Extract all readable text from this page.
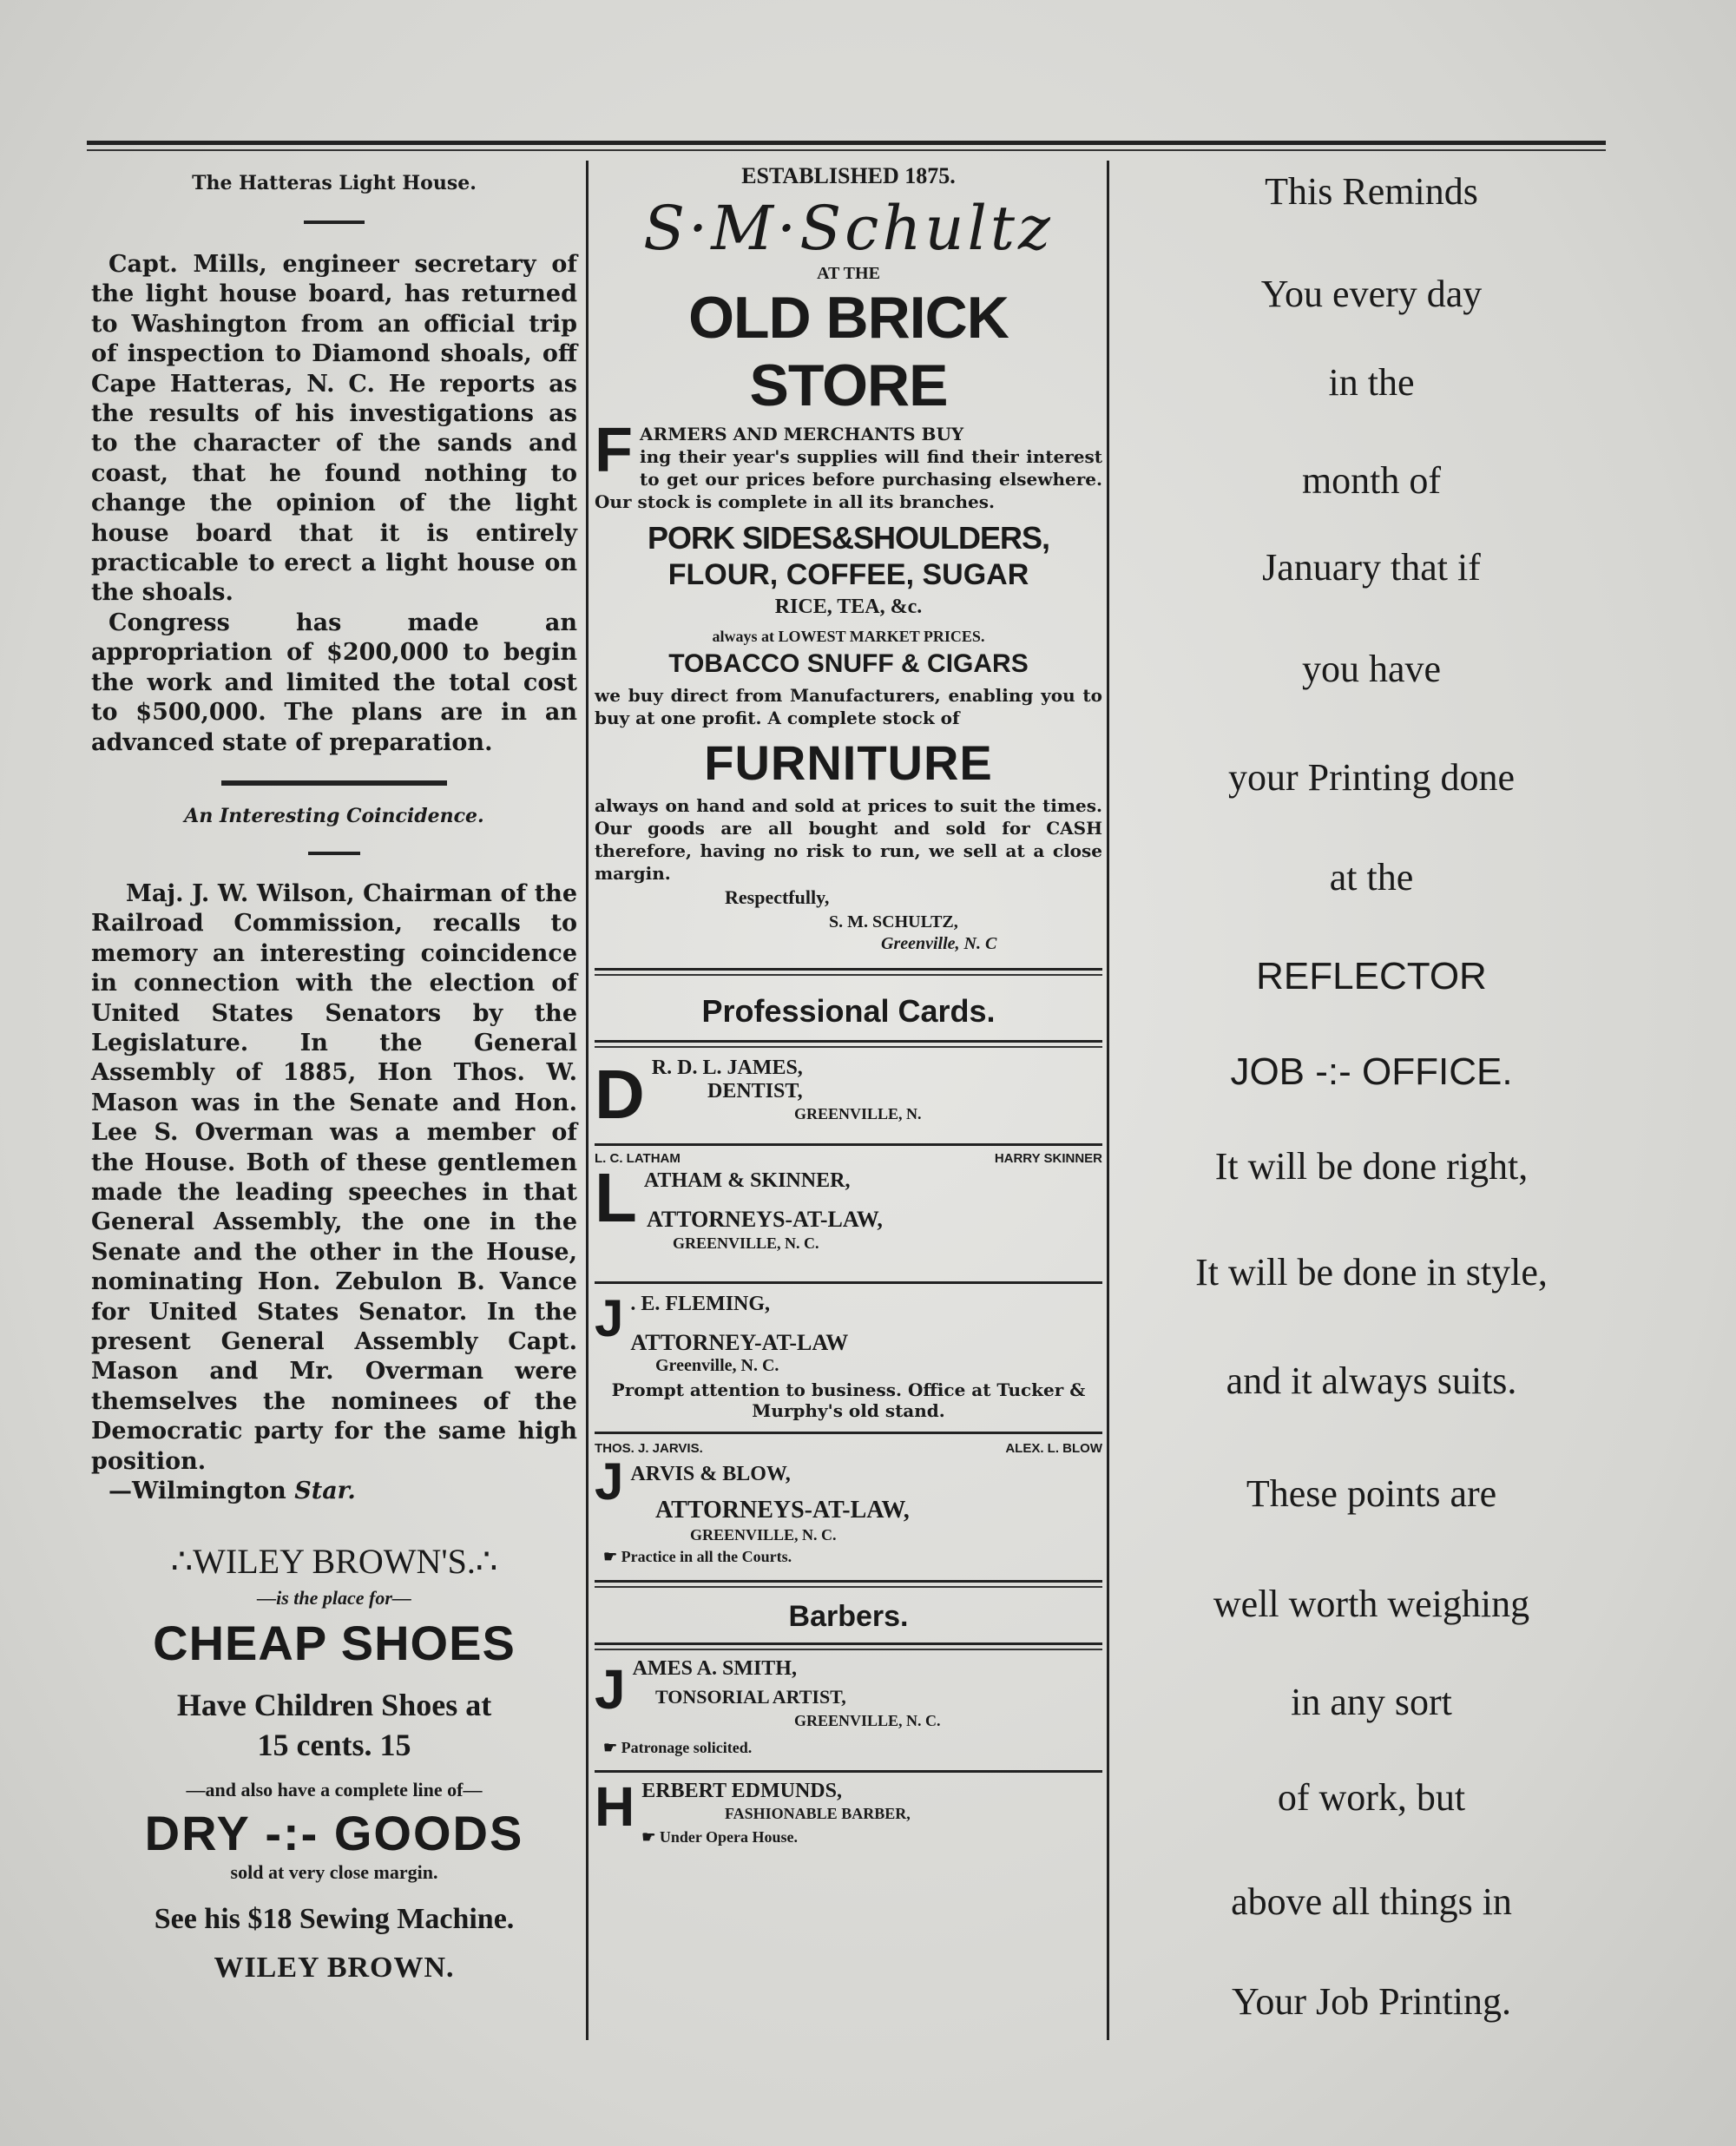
The Hatteras Light House.

Capt. Mills, engineer secretary of the light house board, has returned to Washington from an official trip of inspection to Diamond shoals, off Cape Hatteras, N. C. He reports as the results of his investigations as to the character of the sands and coast, that he found nothing to change the opinion of the light house board that it is entirely practicable to erect a light house on the shoals.

Congress has made an appropriation of $200,000 to begin the work and limited the total cost to $500,000. The plans are in an advanced state of preparation.

An Interesting Coincidence.

Maj. J. W. Wilson, Chairman of the Railroad Commission, recalls to memory an interesting coincidence in connection with the election of United States Senators by the Legislature. In the General Assembly of 1885, Hon Thos. W. Mason was in the Senate and Hon. Lee S. Overman was a member of the House. Both of these gentlemen made the leading speeches in that General Assembly, the one in the Senate and the other in the House, nominating Hon. Zebulon B. Vance for United States Senator. In the present General Assembly Capt. Mason and Mr. Overman were themselves the nominees of the Democratic party for the same high position.

—Wilmington Star.

∴WILEY BROWN'S.∴

—is the place for—

CHEAP SHOES

Have Children Shoes at

15 cents. 15

—and also have a complete line of—

DRY -:- GOODS

sold at very close margin.

See his $18 Sewing Machine.

WILEY BROWN.

ESTABLISHED 1875.

S·M·Schultz

AT THE

OLD BRICK STORE

F ARMERS AND MERCHANTS BUY

ing their year's supplies will find their interest to get our prices before purchasing elsewhere. Our stock is complete in all its branches.

PORK SIDES&SHOULDERS,

FLOUR, COFFEE, SUGAR

RICE, TEA, &c.

always at LOWEST MARKET PRICES.

TOBACCO SNUFF & CIGARS

we buy direct from Manufacturers, enabling you to buy at one profit. A complete stock of

FURNITURE

always on hand and sold at prices to suit the times. Our goods are all bought and sold for CASH therefore, having no risk to run, we sell at a close margin.

Respectfully,

S. M. SCHULTZ,

Greenville, N. C

Professional Cards.

D R. D. L. JAMES,

DENTIST,

GREENVILLE, N.

L. C. LATHAM	HARRY SKINNER
L ATHAM & SKINNER,

ATTORNEYS-AT-LAW,

GREENVILLE, N. C.

J . E. FLEMING,

ATTORNEY-AT-LAW

Greenville, N. C.

Prompt attention to business. Office at Tucker & Murphy's old stand.

THOS. J. JARVIS.	ALEX. L. BLOW
J ARVIS & BLOW,

ATTORNEYS-AT-LAW,

GREENVILLE, N. C.

☛ Practice in all the Courts.

Barbers.

J AMES A. SMITH,

TONSORIAL ARTIST,

GREENVILLE, N. C.

☛ Patronage solicited.

H ERBERT EDMUNDS,

FASHIONABLE BARBER,

☛ Under Opera House.

This Reminds

You every day

in the

month of

January that if

you have

your Printing done

at the

REFLECTOR

JOB -:- OFFICE.

It will be done right,

It will be done in style,

and it always suits.

These points are

well worth weighing

in any sort

of work, but

above all things in

Your Job Printing.
